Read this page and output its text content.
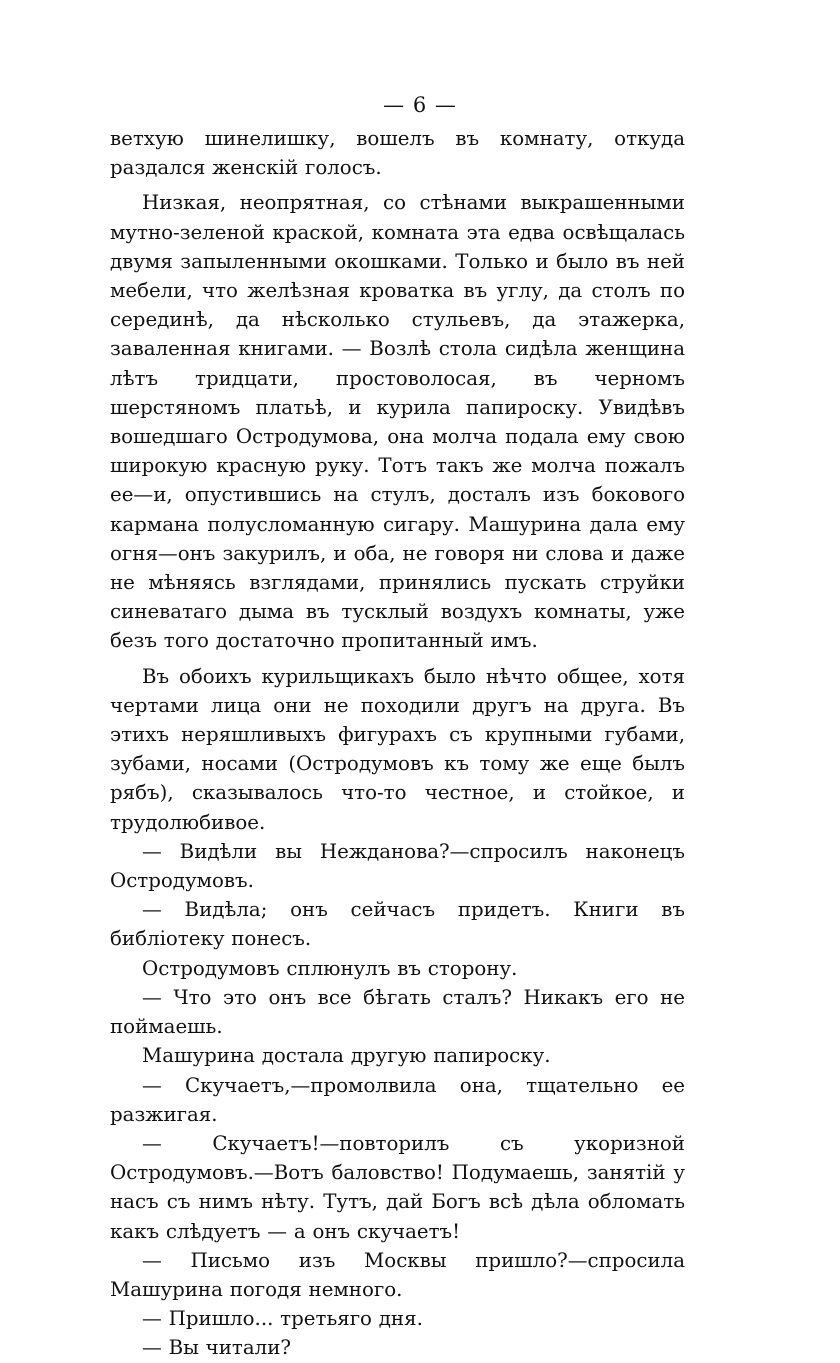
— 6 —

ветхую шинелишку, вошелъ въ комнату, откуда раздался женскій голосъ.

Низкая, неопрятная, со стѣнами выкрашенными мутно-зеленой краской, комната эта едва освѣщалась двумя запыленными окошками. Только и было въ ней мебели, что желѣзная кроватка въ углу, да столъ по серединѣ, да нѣсколько стульевъ, да этажерка, заваленная книгами. — Возлѣ стола сидѣла женщина лѣтъ тридцати, простоволосая, въ черномъ шерстяномъ платьѣ, и курила папироску. Увидѣвъ вошедшаго Остродумова, она молча подала ему свою широкую красную руку. Тотъ такъ же молча пожалъ ее—и, опустившись на стулъ, досталъ изъ бокового кармана полусломанную сигару. Машурина дала ему огня—онъ закурилъ, и оба, не говоря ни слова и даже не мѣняясь взглядами, принялись пускать струйки синеватаго дыма въ тусклый воздухъ комнаты, уже безъ того достаточно пропитанный имъ.

Въ обоихъ курильщикахъ было нѣчто общее, хотя чертами лица они не походили другъ на друга. Въ этихъ неряшливыхъ фигурахъ съ крупными губами, зубами, носами (Остродумовъ къ тому же еще былъ рябъ), сказывалось что-то честное, и стойкое, и трудолюбивое.

— Видѣли вы Нежданова?—спросилъ наконецъ Остродумовъ.

— Видѣла; онъ сейчасъ придетъ. Книги въ библіотеку понесъ.

Остродумовъ сплюнулъ въ сторону.

— Что это онъ все бѣгать сталъ? Никакъ его не поймаешь.

Машурина достала другую папироску.

— Скучаетъ,—промолвила она, тщательно ее разжигая.

— Скучаетъ!—повторилъ съ укоризной Остродумовъ.—Вотъ баловство! Подумаешь, занятій у насъ съ нимъ нѣту. Тутъ, дай Богъ всѣ дѣла обломать какъ слѣдуетъ — а онъ скучаетъ!

— Письмо изъ Москвы пришло?—спросила Машурина погодя немного.

— Пришло... третьяго дня.

— Вы читали?
